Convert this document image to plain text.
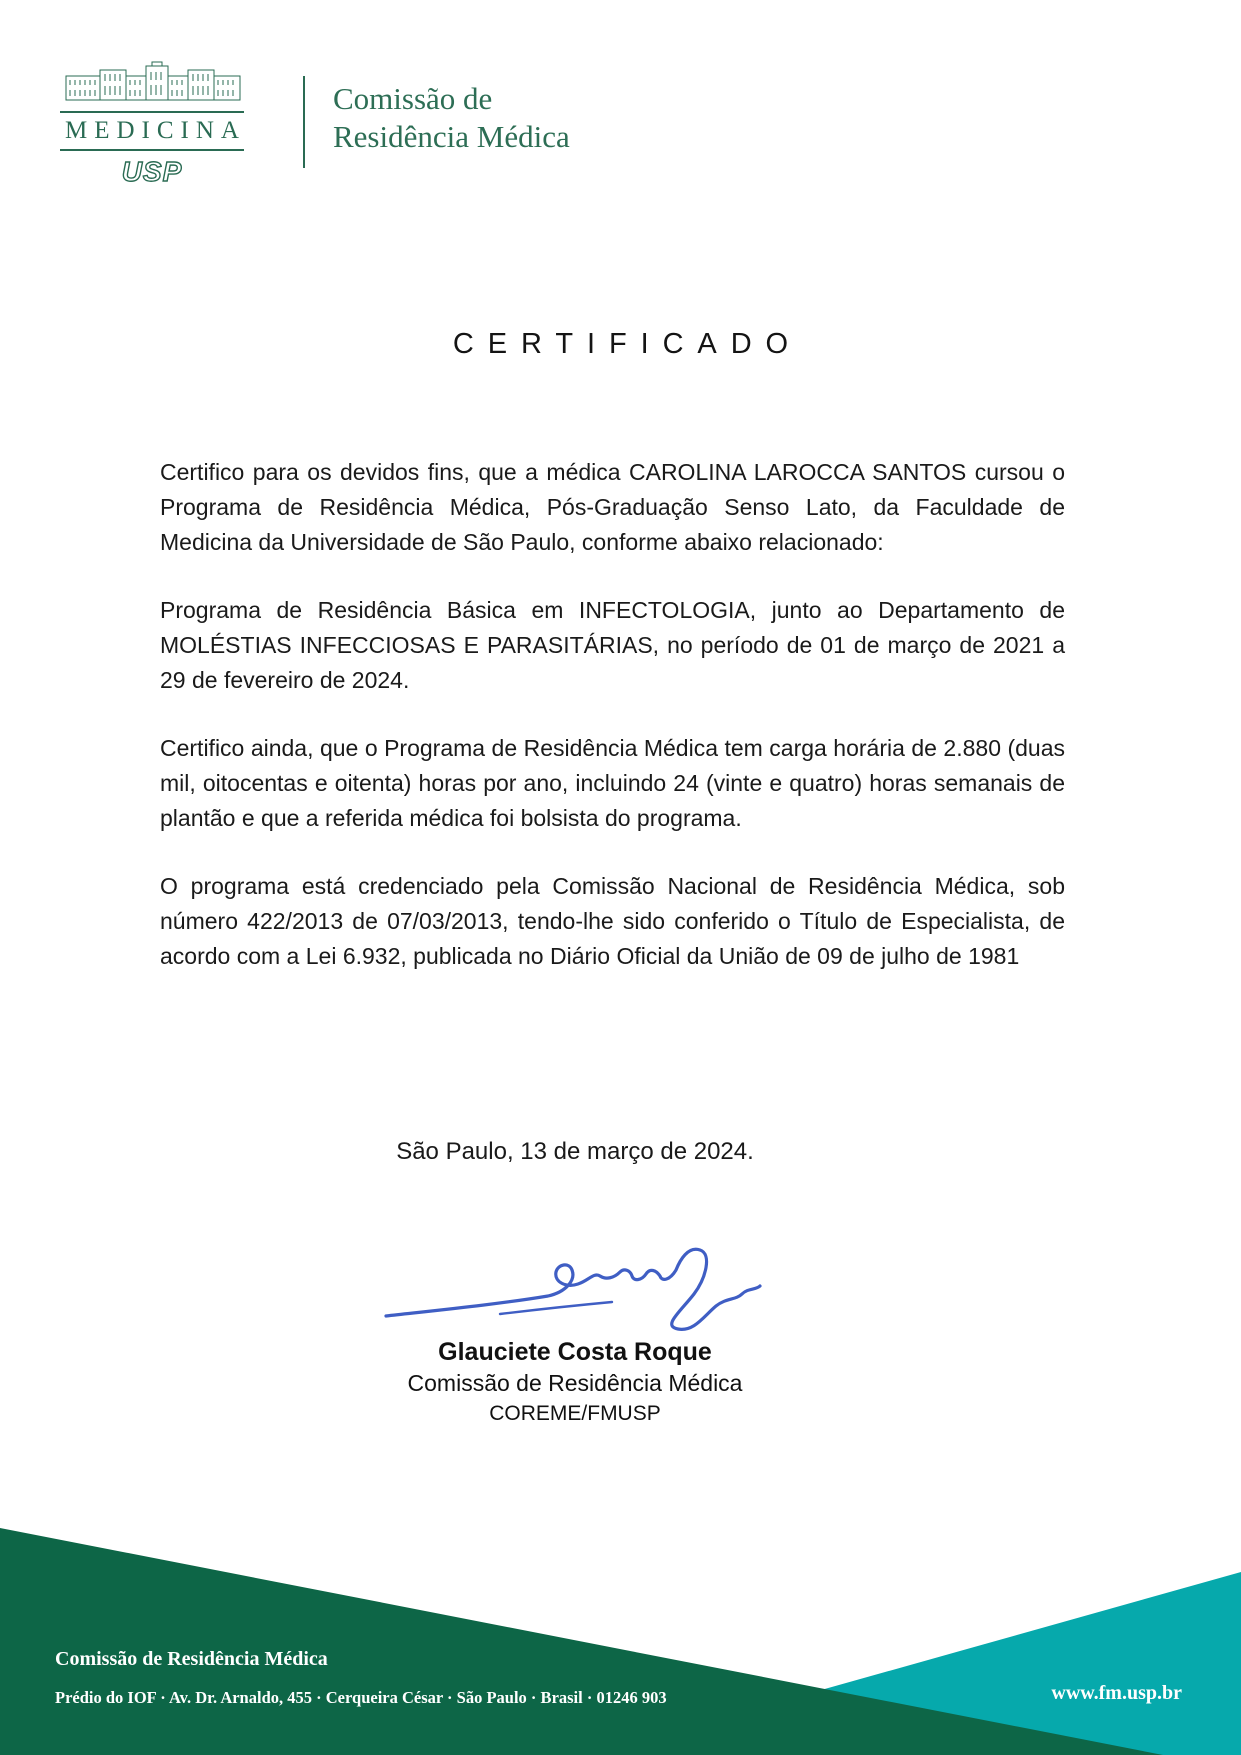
MEDICINA
USP
Comissão de
Residência Médica
CERTIFICADO

Certifico para os devidos fins, que a médica CAROLINA LAROCCA SANTOS cursou o Programa de Residência Médica, Pós-Graduação Senso Lato, da Faculdade de Medicina da Universidade de São Paulo, conforme abaixo relacionado:

Programa de Residência Básica em INFECTOLOGIA, junto ao Departamento de MOLÉSTIAS INFECCIOSAS E PARASITÁRIAS, no período de 01 de março de 2021 a 29 de fevereiro de 2024.

Certifico ainda, que o Programa de Residência Médica tem carga horária de 2.880 (duas mil, oitocentas e oitenta) horas por ano, incluindo 24 (vinte e quatro) horas semanais de plantão e que a referida médica foi bolsista do programa.

O programa está credenciado pela Comissão Nacional de Residência Médica, sob número 422/2013 de 07/03/2013, tendo-lhe sido conferido o Título de Especialista, de acordo com a Lei 6.932, publicada no Diário Oficial da União de 09 de julho de 1981

São Paulo, 13 de março de 2024.
Glauciete Costa Roque
Comissão de Residência Médica
COREME/FMUSP
Comissão de Residência Médica
Prédio do IOF · Av. Dr. Arnaldo, 455 · Cerqueira César · São Paulo · Brasil · 01246 903	www.fm.usp.br
